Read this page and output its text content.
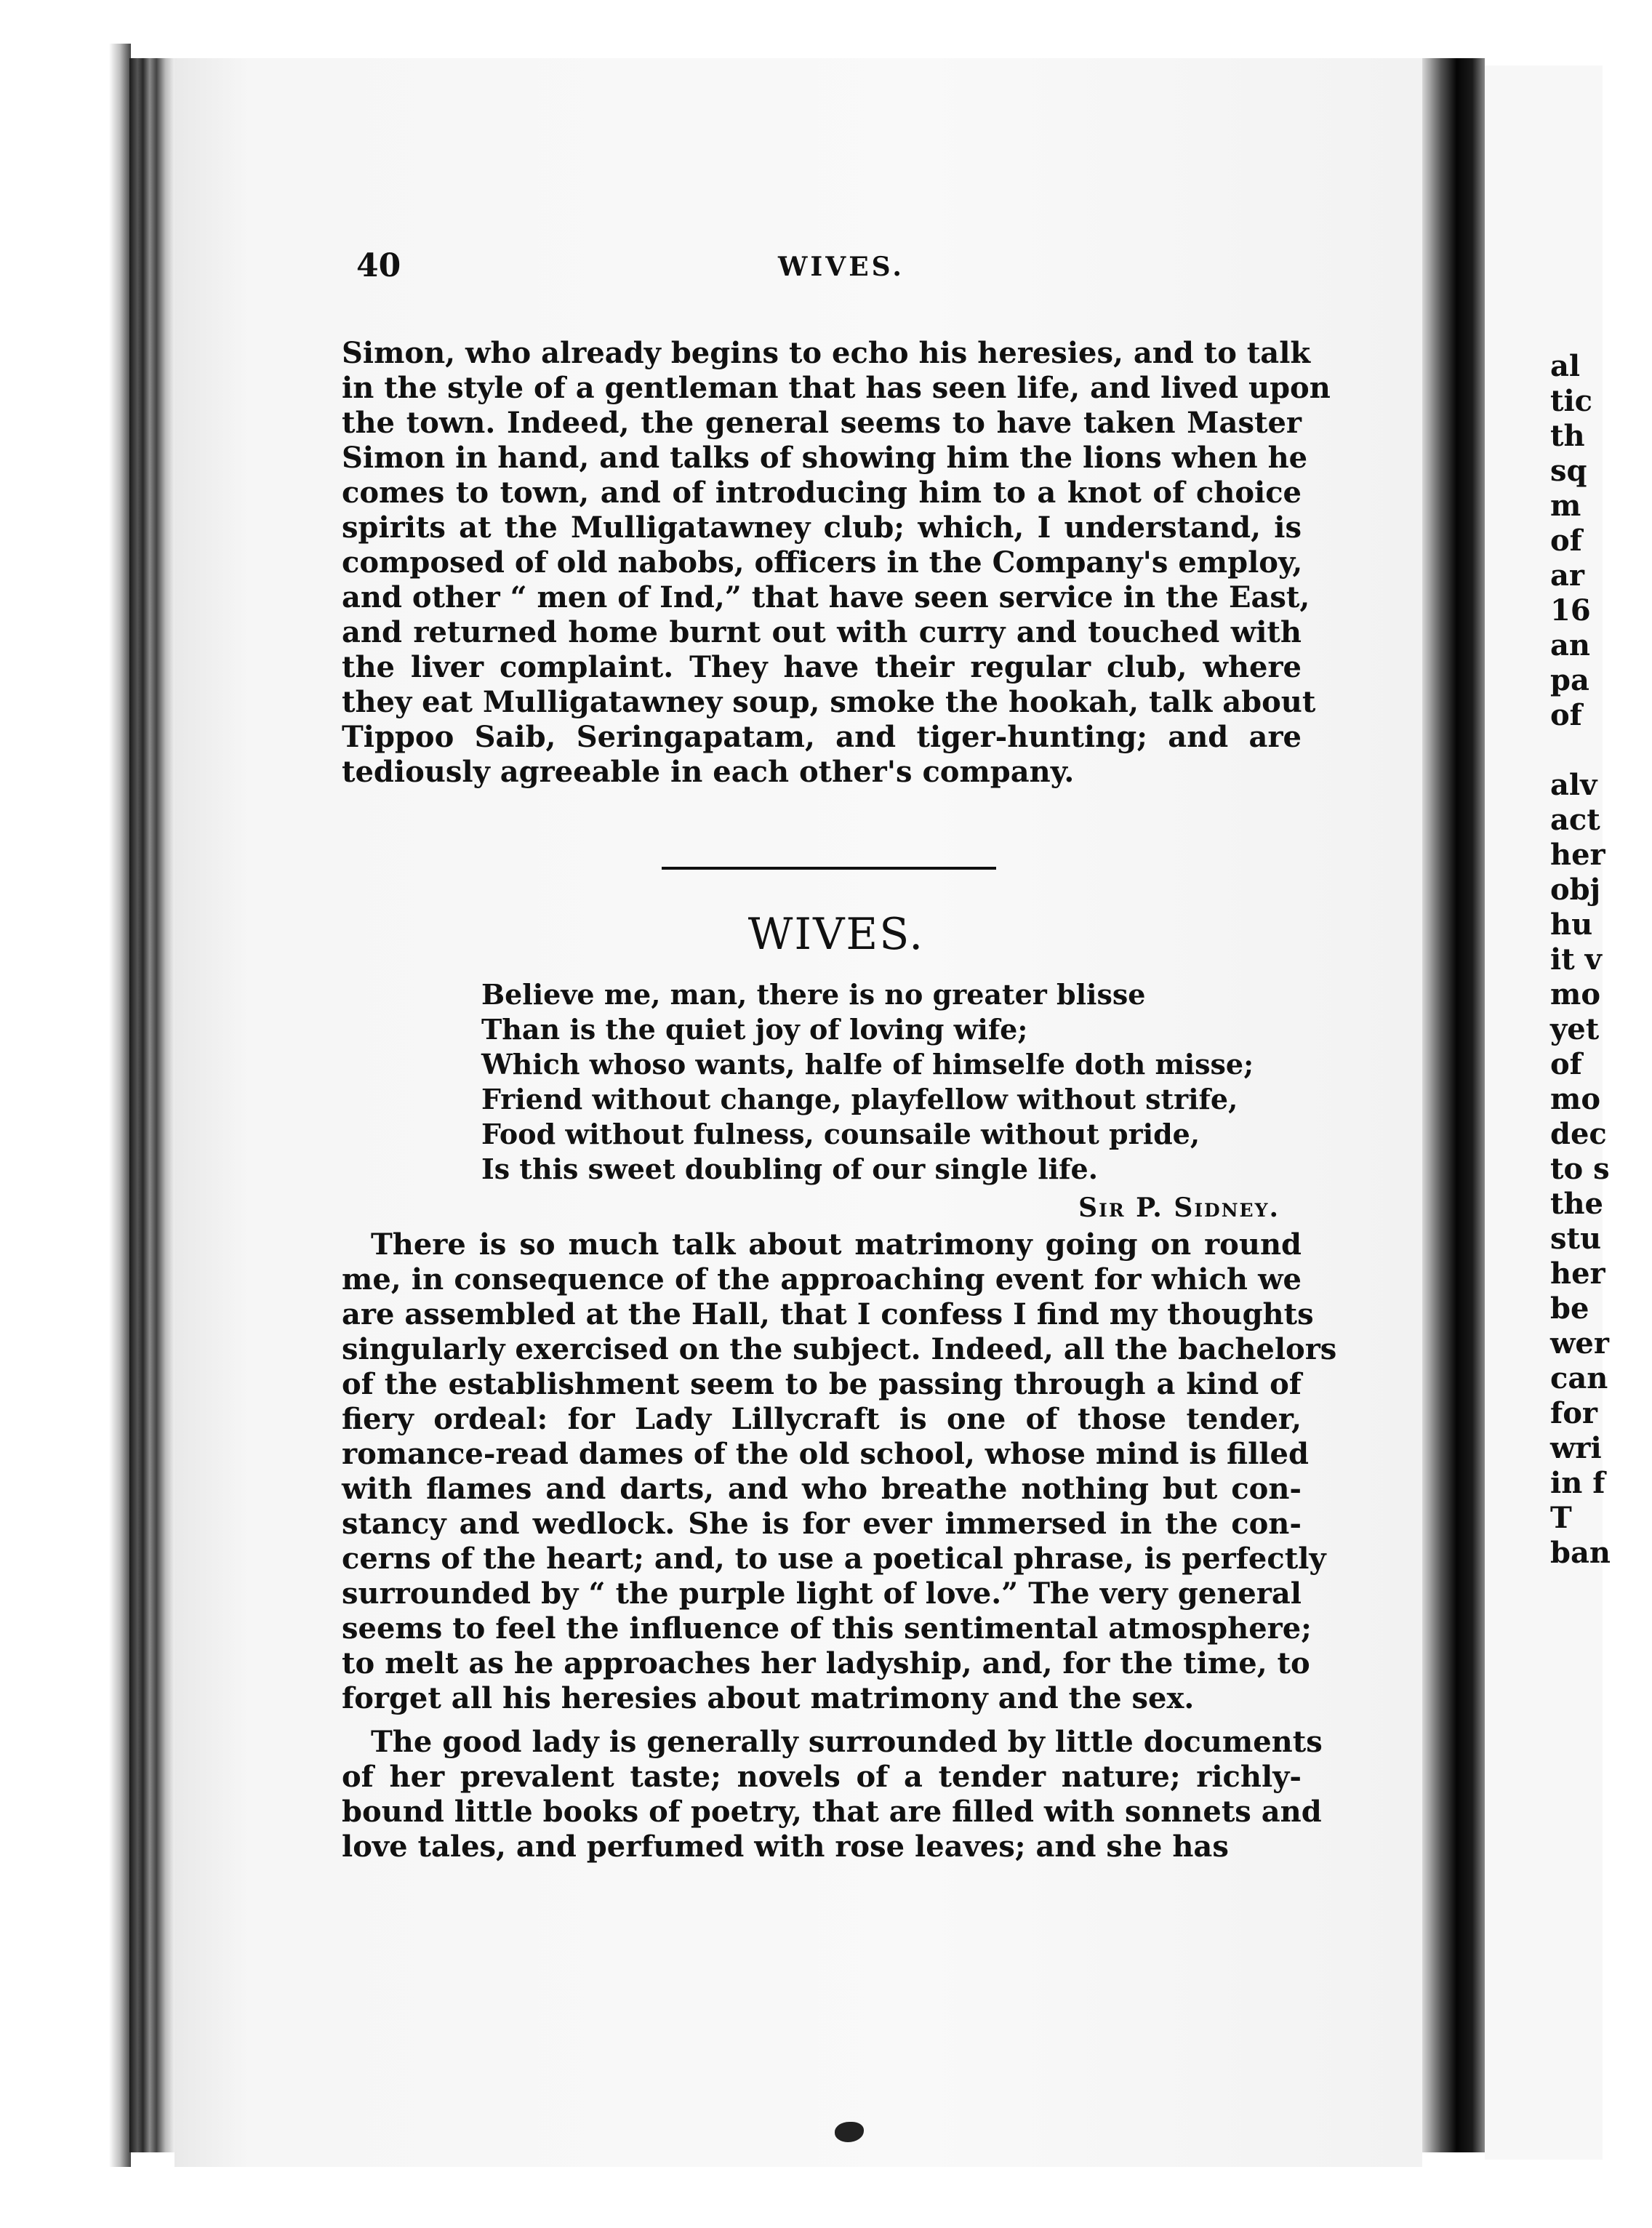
al
tic
th
sq
m
of
ar
16
an
pa
of
alv
act
her
obj
hu
it v
mo
yet
of
mo
dec
to s
the
stu
her
be
wer
can
for
wri
in f
T
ban
40	WIVES.
Simon, who already begins to echo his heresies, and to talk
in the style of a gentleman that has seen life, and lived upon
the town. Indeed, the general seems to have taken Master
Simon in hand, and talks of showing him the lions when he
comes to town, and of introducing him to a knot of choice
spirits at the Mulligatawney club; which, I understand, is
composed of old nabobs, officers in the Company's employ,
and other “ men of Ind,” that have seen service in the East,
and returned home burnt out with curry and touched with
the liver complaint. They have their regular club, where
they eat Mulligatawney soup, smoke the hookah, talk about
Tippoo Saib, Seringapatam, and tiger-hunting; and are
tediously agreeable in each other's company.
WIVES.
Believe me, man, there is no greater blisse
Than is the quiet joy of loving wife;
Which whoso wants, halfe of himselfe doth misse;
Friend without change, playfellow without strife,
Food without fulness, counsaile without pride,
Is this sweet doubling of our single life.
Sir P. Sidney.
There is so much talk about matrimony going on round
me, in consequence of the approaching event for which we
are assembled at the Hall, that I confess I find my thoughts
singularly exercised on the subject. Indeed, all the bachelors
of the establishment seem to be passing through a kind of
fiery ordeal: for Lady Lillycraft is one of those tender,
romance-read dames of the old school, whose mind is filled
with flames and darts, and who breathe nothing but con-
stancy and wedlock. She is for ever immersed in the con-
cerns of the heart; and, to use a poetical phrase, is perfectly
surrounded by “ the purple light of love.” The very general
seems to feel the influence of this sentimental atmosphere;
to melt as he approaches her ladyship, and, for the time, to
forget all his heresies about matrimony and the sex.
The good lady is generally surrounded by little documents
of her prevalent taste; novels of a tender nature; richly-
bound little books of poetry, that are filled with sonnets and
love tales, and perfumed with rose leaves; and she has
